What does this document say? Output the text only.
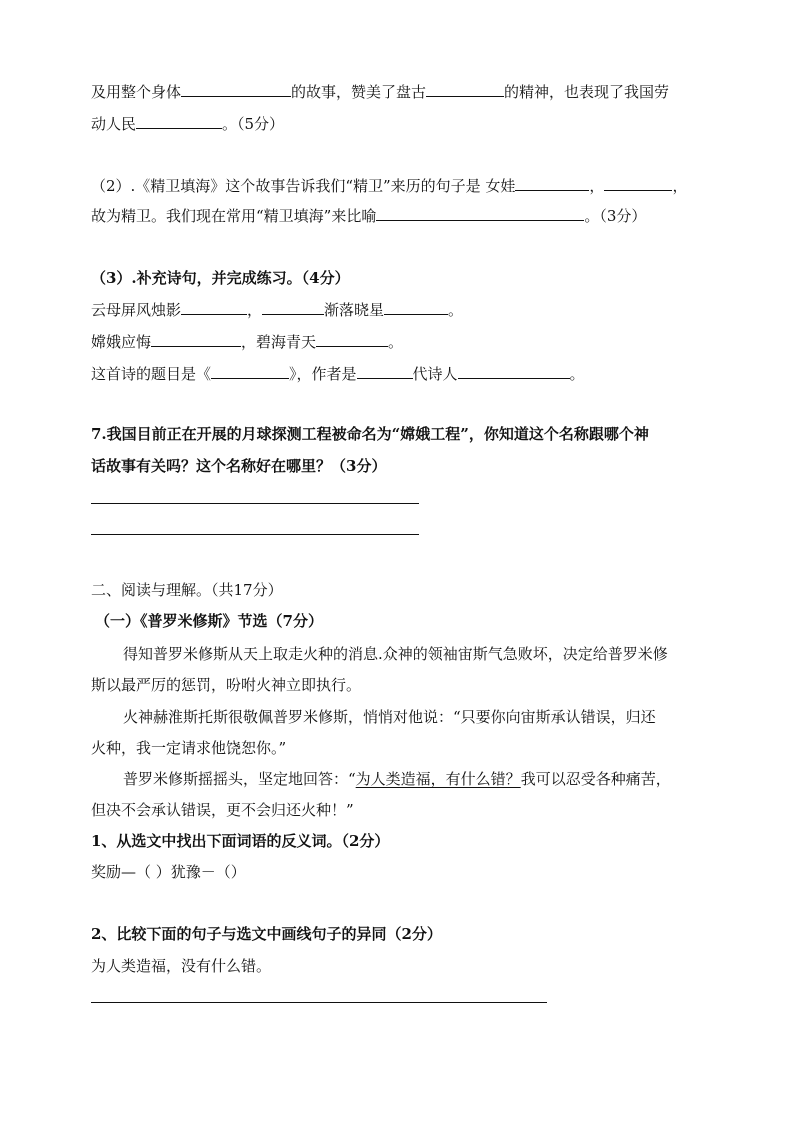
及用整个身体	的故事，赞美了盘古	的精神，也表现了我国劳
动人民	。（5分）
（2）.《精卫填海》这个故事告诉我们“精卫”来历的句子是 女娃	，	，
故为精卫。我们现在常用“精卫填海”来比喻	。（3分）
（3）.补充诗句，并完成练习。（4分）
云母屏风烛影	，	渐落晓星	。
嫦娥应悔	，碧海青天	。
这首诗的题目是《	》，作者是	代诗人	。
7.我国目前正在开展的月球探测工程被命名为“嫦娥工程”，你知道这个名称跟哪个神
话故事有关吗？这个名称好在哪里？（3分）
二、阅读与理解。（共17分）
（一）《普罗米修斯》节选（7分）
得知普罗米修斯从天上取走火种的消息.众神的领袖宙斯气急败坏，决定给普罗米修
斯以最严厉的惩罚，吩咐火神立即执行。
火神赫淮斯托斯很敬佩普罗米修斯，悄悄对他说：“只要你向宙斯承认错误，归还
火种，我一定请求他饶恕你。”
普罗米修斯摇摇头，坚定地回答：“为人类造福，有什么错？我可以忍受各种痛苦，
但决不会承认错误，更不会归还火种！”
1、从选文中找出下面词语的反义词。（2分）
奖励—（ ）犹豫－（）
2、比较下面的句子与选文中画线句子的异同（2分）
为人类造福，没有什么错。
